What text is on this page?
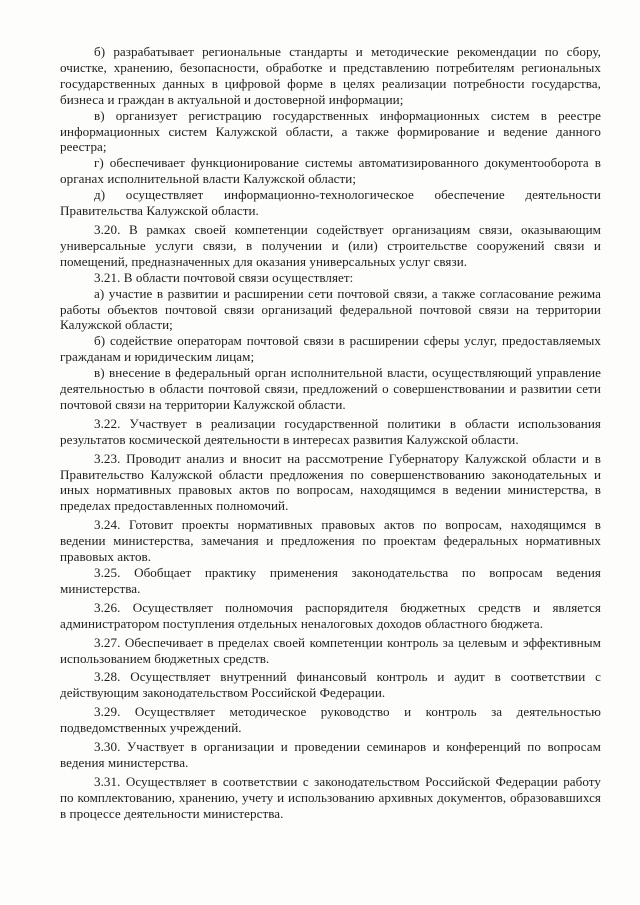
б) разрабатывает региональные стандарты и методические рекомендации по сбору, очистке, хранению, безопасности, обработке и представлению потребителям региональных государственных данных в цифровой форме в целях реализации потребности государства, бизнеса и граждан в актуальной и достоверной информации;

в) организует регистрацию государственных информационных систем в реестре информационных систем Калужской области, а также формирование и ведение данного реестра;

г) обеспечивает функционирование системы автоматизированного документооборота в органах исполнительной власти Калужской области;

д) осуществляет информационно-технологическое обеспечение деятельности Правительства Калужской области.

3.20. В рамках своей компетенции содействует организациям связи, оказывающим универсальные услуги связи, в получении и (или) строительстве сооружений связи и помещений, предназначенных для оказания универсальных услуг связи.

3.21. В области почтовой связи осуществляет:

а) участие в развитии и расширении сети почтовой связи, а также согласование режима работы объектов почтовой связи организаций федеральной почтовой связи на территории Калужской области;

б) содействие операторам почтовой связи в расширении сферы услуг, предоставляемых гражданам и юридическим лицам;

в) внесение в федеральный орган исполнительной власти, осуществляющий управление деятельностью в области почтовой связи, предложений о совершенствовании и развитии сети почтовой связи на территории Калужской области.

3.22. Участвует в реализации государственной политики в области использования результатов космической деятельности в интересах развития Калужской области.

3.23. Проводит анализ и вносит на рассмотрение Губернатору Калужской области и в Правительство Калужской области предложения по совершенствованию законодательных и иных нормативных правовых актов по вопросам, находящимся в ведении министерства, в пределах предоставленных полномочий.

3.24. Готовит проекты нормативных правовых актов по вопросам, находящимся в ведении министерства, замечания и предложения по проектам федеральных нормативных правовых актов.

3.25. Обобщает практику применения законодательства по вопросам ведения министерства.

3.26. Осуществляет полномочия распорядителя бюджетных средств и является администратором поступления отдельных неналоговых доходов областного бюджета.

3.27. Обеспечивает в пределах своей компетенции контроль за целевым и эффективным использованием бюджетных средств.

3.28. Осуществляет внутренний финансовый контроль и аудит в соответствии с действующим законодательством Российской Федерации.

3.29. Осуществляет методическое руководство и контроль за деятельностью подведомственных учреждений.

3.30. Участвует в организации и проведении семинаров и конференций по вопросам ведения министерства.

3.31. Осуществляет в соответствии с законодательством Российской Федерации работу по комплектованию, хранению, учету и использованию архивных документов, образовавшихся в процессе деятельности министерства.
